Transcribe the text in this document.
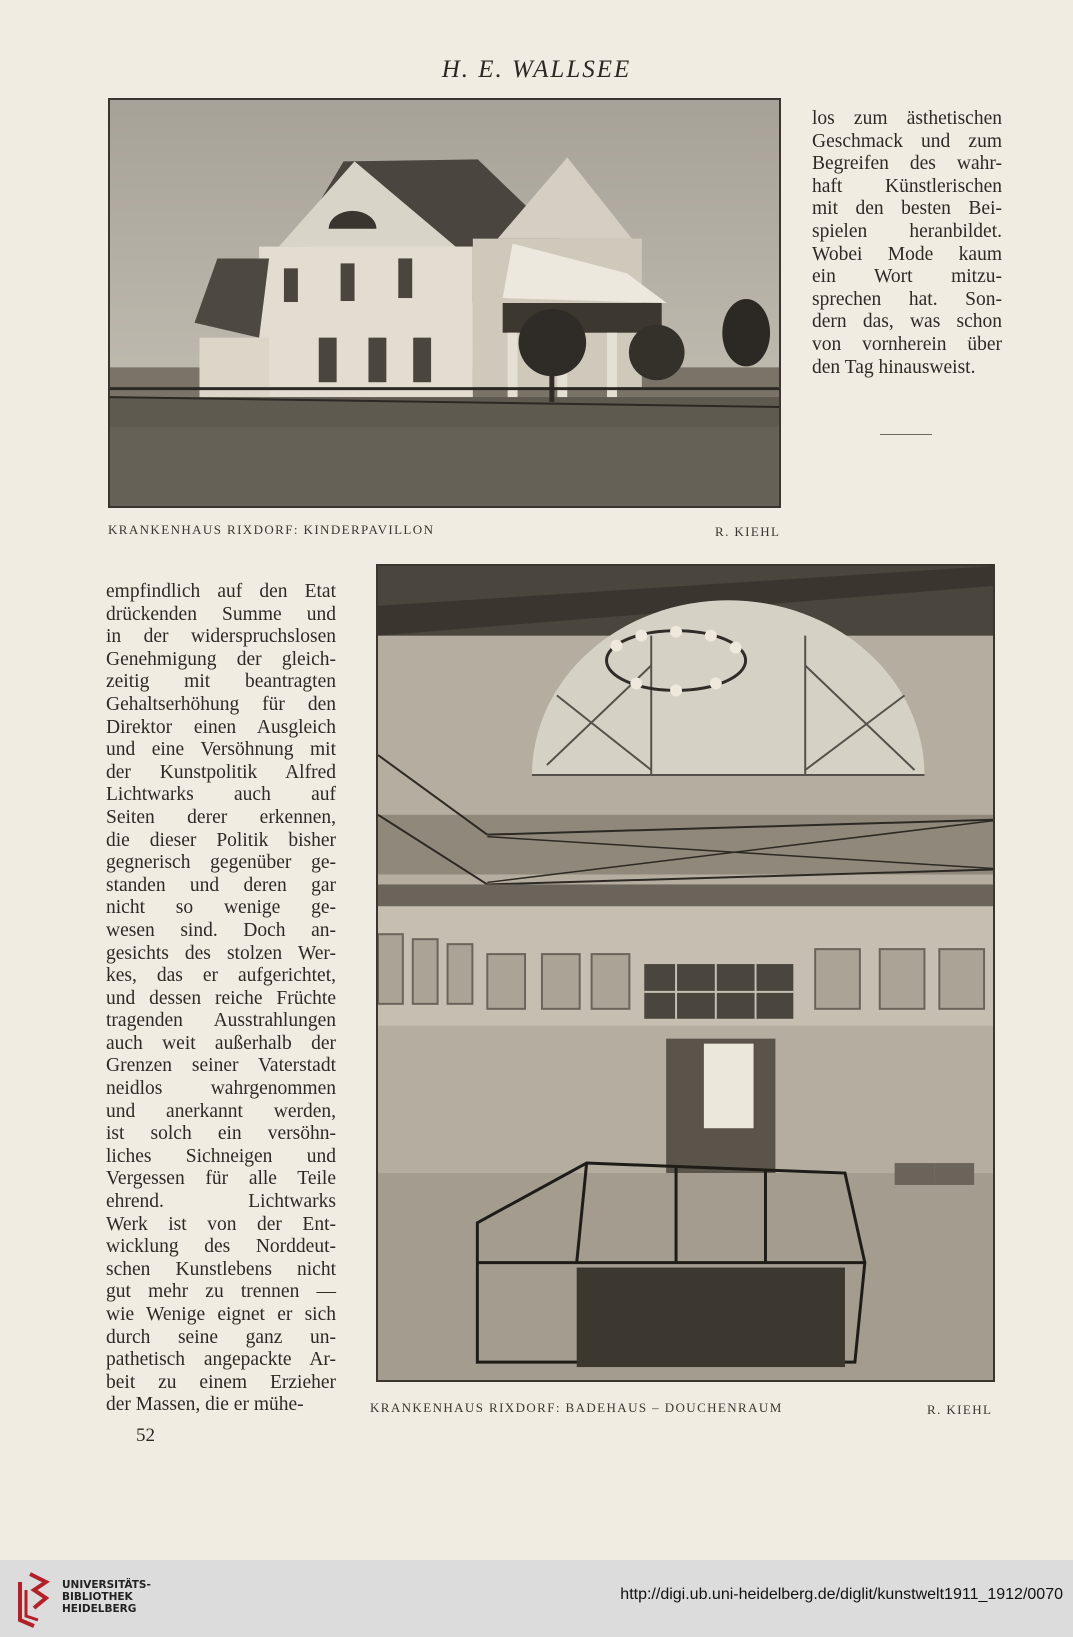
H. E. WALLSEE
KRANKENHAUS RIXDORF: KINDERPAVILLON	R. KIEHL
los zum ästhetischen
Geschmack und zum
Begreifen des wahr-
haft Künstlerischen
mit den besten Bei-
spielen heranbildet.
Wobei Mode kaum
ein Wort mitzu-
sprechen hat. Son-
dern das, was schon
von vornherein über
den Tag hinausweist.
empfindlich auf den Etat
drückenden Summe und
in der widerspruchslosen
Genehmigung der gleich-
zeitig mit beantragten
Gehaltserhöhung für den
Direktor einen Ausgleich
und eine Versöhnung mit
der Kunstpolitik Alfred
Lichtwarks auch auf
Seiten derer erkennen,
die dieser Politik bisher
gegnerisch gegenüber ge-
standen und deren gar
nicht so wenige ge-
wesen sind. Doch an-
gesichts des stolzen Wer-
kes, das er aufgerichtet,
und dessen reiche Früchte
tragenden Ausstrahlungen
auch weit außerhalb der
Grenzen seiner Vaterstadt
neidlos wahrgenommen
und anerkannt werden,
ist solch ein versöhn-
liches Sichneigen und
Vergessen für alle Teile
ehrend. Lichtwarks
Werk ist von der Ent-
wicklung des Norddeut-
schen Kunstlebens nicht
gut mehr zu trennen —
wie Wenige eignet er sich
durch seine ganz un-
pathetisch angepackte Ar-
beit zu einem Erzieher
der Massen, die er mühe-	KRANKENHAUS RIXDORF: BADEHAUS – DOUCHENRAUM	R. KIEHL
52
UNIVERSITÄTS-
BIBLIOTHEK
HEIDELBERG
http://digi.ub.uni-heidelberg.de/diglit/kunstwelt1911_1912/0070
